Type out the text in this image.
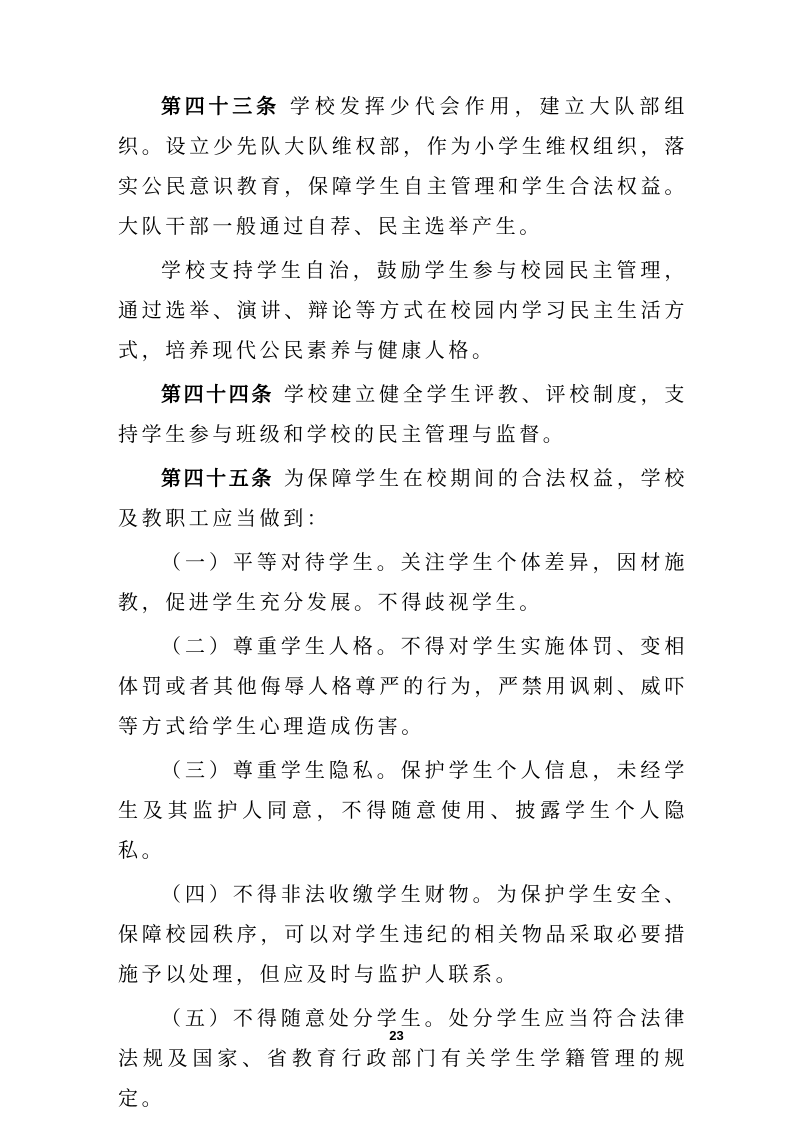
第四十三条 学校发挥少代会作用，建立大队部组织。设立少先队大队维权部，作为小学生维权组织，落实公民意识教育，保障学生自主管理和学生合法权益。大队干部一般通过自荐、民主选举产生。

学校支持学生自治，鼓励学生参与校园民主管理，通过选举、演讲、辩论等方式在校园内学习民主生活方式，培养现代公民素养与健康人格。

第四十四条 学校建立健全学生评教、评校制度，支持学生参与班级和学校的民主管理与监督。

第四十五条 为保障学生在校期间的合法权益，学校及教职工应当做到：

（一）平等对待学生。关注学生个体差异，因材施教，促进学生充分发展。不得歧视学生。

（二）尊重学生人格。不得对学生实施体罚、变相体罚或者其他侮辱人格尊严的行为，严禁用讽刺、威吓等方式给学生心理造成伤害。

（三）尊重学生隐私。保护学生个人信息，未经学生及其监护人同意，不得随意使用、披露学生个人隐私。

（四）不得非法收缴学生财物。为保护学生安全、保障校园秩序，可以对学生违纪的相关物品采取必要措施予以处理，但应及时与监护人联系。

（五）不得随意处分学生。处分学生应当符合法律法规及国家、省教育行政部门有关学生学籍管理的规定。

23
